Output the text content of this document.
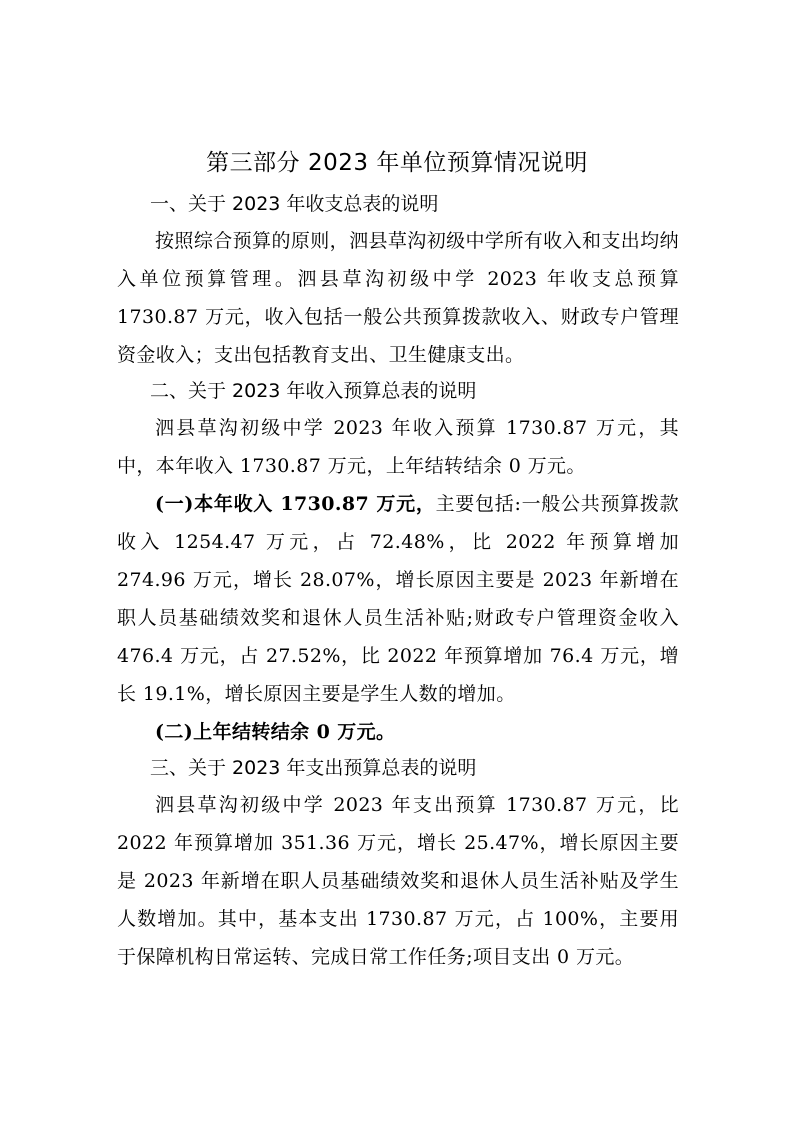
第三部分 2023 年单位预算情况说明
一、关于 2023 年收支总表的说明

按照综合预算的原则，泗县草沟初级中学所有收入和支出均纳入单位预算管理。泗县草沟初级中学 2023 年收支总预算 1730.87 万元，收入包括一般公共预算拨款收入、财政专户管理资金收入；支出包括教育支出、卫生健康支出。

二、关于 2023 年收入预算总表的说明

泗县草沟初级中学 2023 年收入预算 1730.87 万元，其中，本年收入 1730.87 万元，上年结转结余 0 万元。

(一)本年收入 1730.87 万元，主要包括:一般公共预算拨款收入 1254.47 万元，占 72.48%，比 2022 年预算增加 274.96 万元，增长 28.07%，增长原因主要是 2023 年新增在职人员基础绩效奖和退休人员生活补贴;财政专户管理资金收入 476.4 万元，占 27.52%，比 2022 年预算增加 76.4 万元，增长 19.1%，增长原因主要是学生人数的增加。

(二)上年结转结余 0 万元。

三、关于 2023 年支出预算总表的说明

泗县草沟初级中学 2023 年支出预算 1730.87 万元，比 2022 年预算增加 351.36 万元，增长 25.47%，增长原因主要是 2023 年新增在职人员基础绩效奖和退休人员生活补贴及学生人数增加。其中，基本支出 1730.87 万元，占 100%，主要用于保障机构日常运转、完成日常工作任务;项目支出 0 万元。
